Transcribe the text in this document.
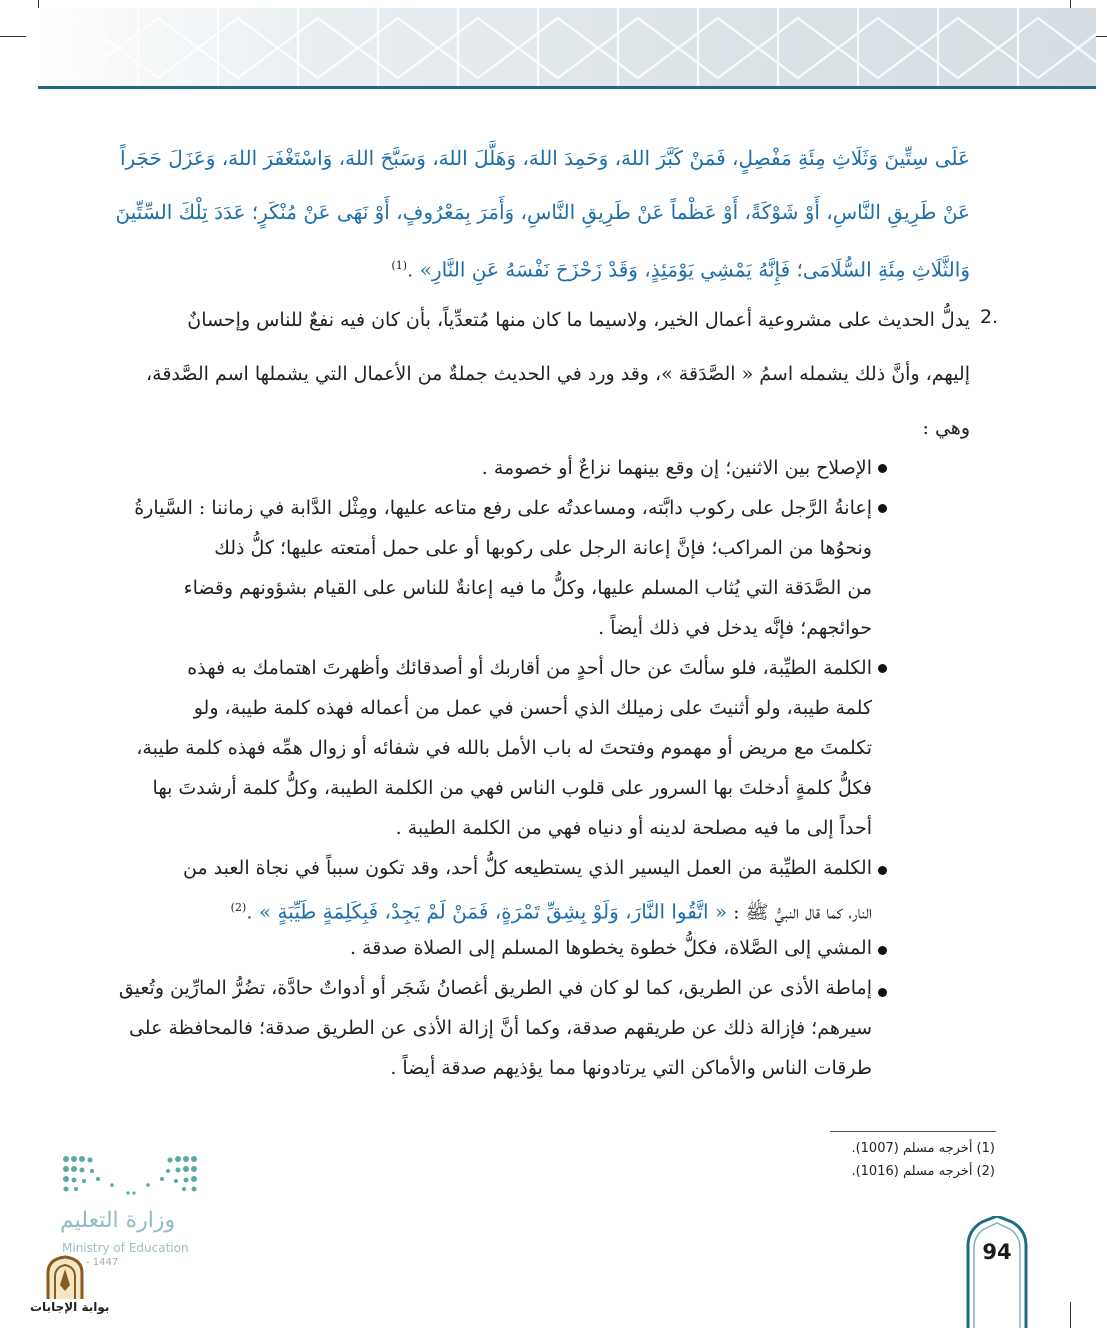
عَلَى سِتِّينَ وَثَلَاثِ مِئَةِ مَفْصِلٍ، فَمَنْ كَبَّرَ اللهَ، وَحَمِدَ اللهَ، وَهَلَّلَ اللهَ، وَسَبَّحَ اللهَ، وَاسْتَغْفَرَ اللهَ، وَعَزَلَ حَجَراً
عَنْ طَرِيقِ النَّاسِ، أَوْ شَوْكَةً، أَوْ عَظْماً عَنْ طَرِيقِ النَّاسِ، وَأَمَرَ بِمَعْرُوفٍ، أَوْ نَهَى عَنْ مُنْكَرٍ؛ عَدَدَ تِلْكَ السِّتِّينَ
وَالثَّلَاثِ مِئَةِ السُّلَامَى؛ فَإِنَّهُ يَمْشِي يَوْمَئِذٍ، وَقَدْ زَحْزَحَ نَفْسَهُ عَنِ النَّارِ» .$^{(1)}$
يدلُّ الحديث على مشروعية أعمال الخير، ولاسيما ما كان منها مُتعدِّياً، بأن كان فيه نفعٌ للناس وإحسانٌ
إليهم، وأنَّ ذلك يشمله اسمُ « الصَّدَقة »، وقد ورد في الحديث جملةٌ من الأعمال التي يشملها اسم الصَّدقة،
وهي :
الإصلاح بين الاثنين؛ إن وقع بينهما نزاعٌ أو خصومة .
إعانةُ الرَّجل على ركوب دابَّته، ومساعدتُه على رفع متاعه عليها، ومِثْل الدَّابة في زماننا : السَّيارةُ
ونحوُها من المراكب؛ فإنَّ إعانة الرجل على ركوبها أو على حمل أمتعته عليها؛ كلُّ ذلك
من الصَّدَقة التي يُثاب المسلم عليها، وكلُّ ما فيه إعانةٌ للناس على القيام بشؤونهم وقضاء
حوائجهم؛ فإنَّه يدخل في ذلك أيضاً .
الكلمة الطيِّبة، فلو سألتَ عن حال أحدٍ من أقاربك أو أصدقائك وأظهرتَ اهتمامك به فهذه
كلمة طيبة، ولو أثنيتَ على زميلك الذي أحسن في عمل من أعماله فهذه كلمة طيبة، ولو
تكلمتَ مع مريض أو مهموم وفتحتَ له باب الأمل بالله في شفائه أو زوال همِّه فهذه كلمة طيبة،
فكلُّ كلمةٍ أدخلتَ بها السرور على قلوب الناس فهي من الكلمة الطيبة، وكلُّ كلمة أرشدتَ بها
أحداً إلى ما فيه مصلحة لدينه أو دنياه فهي من الكلمة الطيبة .
الكلمة الطيِّبة من العمل اليسير الذي يستطيعه كلُّ أحد، وقد تكون سبباً في نجاة العبد من
النار، كما قال النبيُّ ﷺ : « اتَّقُوا النَّارَ، وَلَوْ بِشِقِّ تَمْرَةٍ، فَمَنْ لَمْ يَجِدْ، فَبِكَلِمَةٍ طَيِّبَةٍ » .$^{(2)}$
المشي إلى الصَّلاة، فكلُّ خطوة يخطوها المسلم إلى الصلاة صدقة .
إماطة الأذى عن الطريق، كما لو كان في الطريق أغصانُ شَجَر أو أدواتٌ حادَّة، تضُرُّ المارِّين وتُعيق
سيرهم؛ فإزالة ذلك عن طريقهم صدقة، وكما أنَّ إزالة الأذى عن الطريق صدقة؛ فالمحافظة على
طرقات الناس والأماكن التي يرتادونها مما يؤذيهم صدقة أيضاً .
2.
(1) أخرجه مسلم (1007).
(2) أخرجه مسلم (1016).
94
وزارة التعليم
Ministry of Education
- 1447
بوابة الإجابات
